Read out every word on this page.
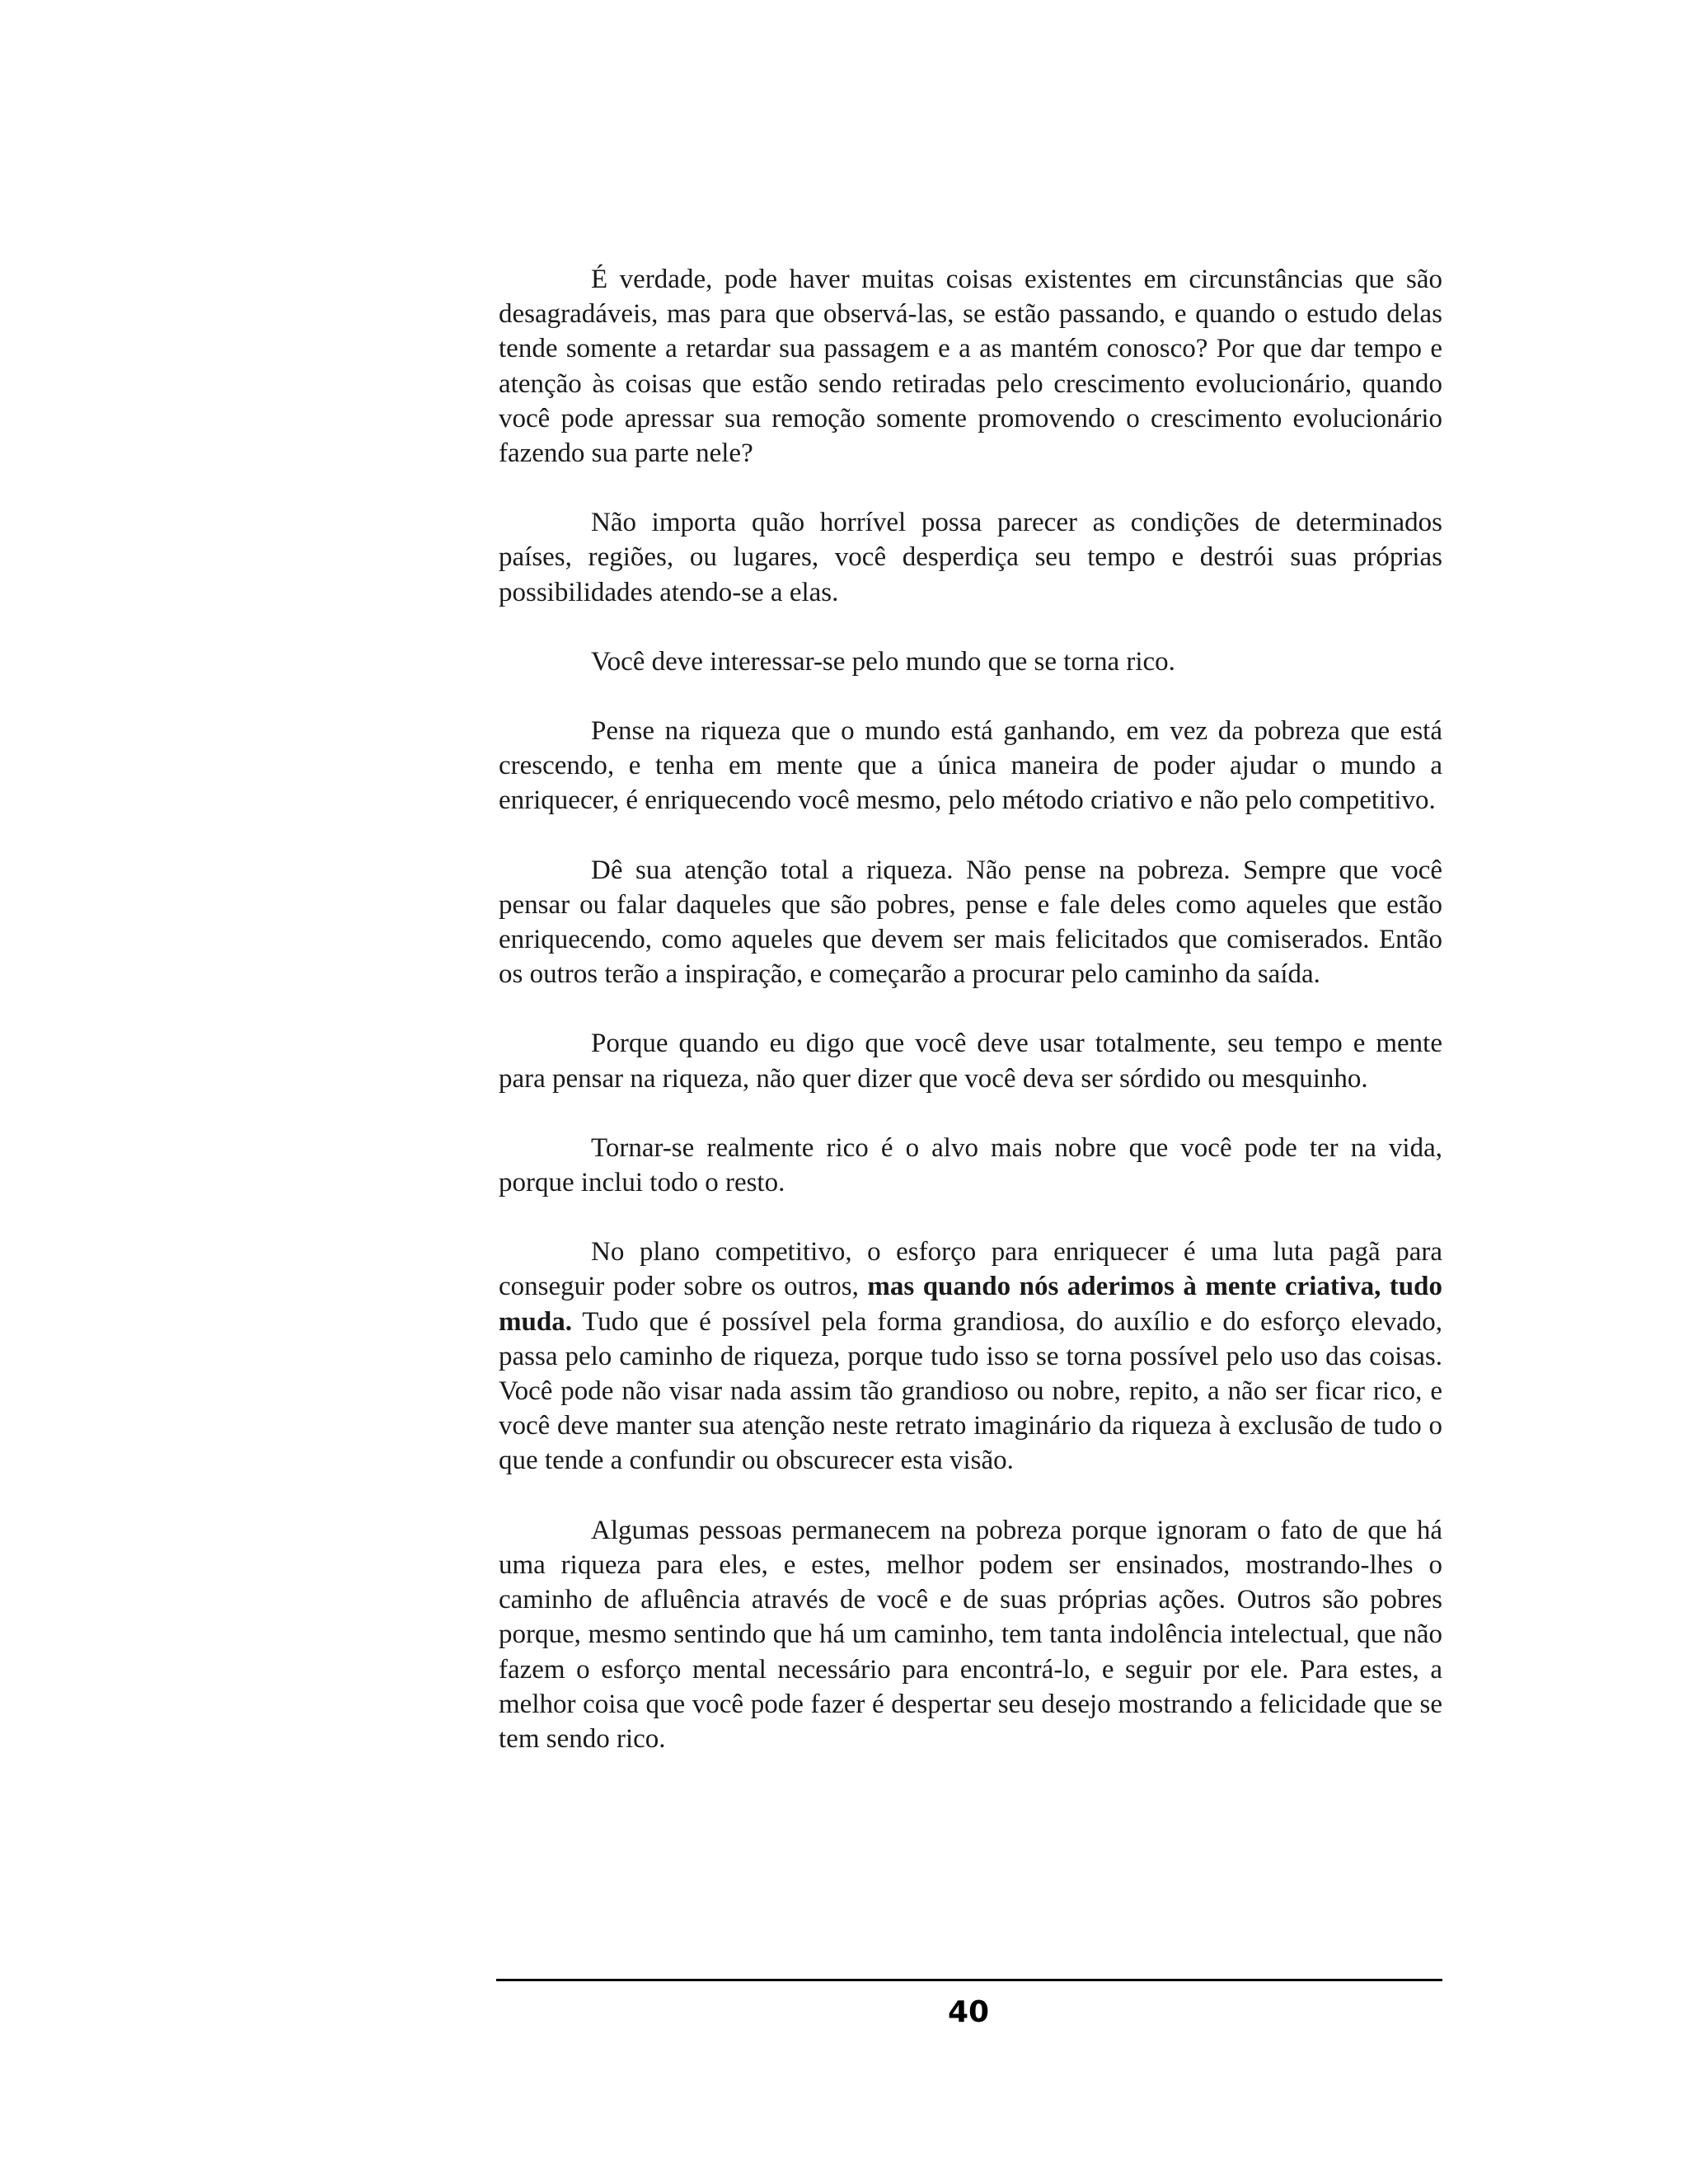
É verdade, pode haver muitas coisas existentes em circunstâncias que são desagradáveis, mas para que observá-las, se estão passando, e quando o estudo delas tende somente a retardar sua passagem e a as mantém conosco? Por que dar tempo e atenção às coisas que estão sendo retiradas pelo crescimento evolucionário, quando você pode apressar sua remoção somente promovendo o crescimento evolucionário fazendo sua parte nele?

Não importa quão horrível possa parecer as condições de determinados países, regiões, ou lugares, você desperdiça seu tempo e destrói suas próprias possibilidades atendo-se a elas.

Você deve interessar-se pelo mundo que se torna rico.

Pense na riqueza que o mundo está ganhando, em vez da pobreza que está crescendo, e tenha em mente que a única maneira de poder ajudar o mundo a enriquecer, é enriquecendo você mesmo, pelo método criativo e não pelo competitivo.

Dê sua atenção total a riqueza. Não pense na pobreza. Sempre que você pensar ou falar daqueles que são pobres, pense e fale deles como aqueles que estão enriquecendo, como aqueles que devem ser mais felicitados que comiserados. Então os outros terão a inspiração, e começarão a procurar pelo caminho da saída.

Porque quando eu digo que você deve usar totalmente, seu tempo e mente para pensar na riqueza, não quer dizer que você deva ser sórdido ou mesquinho.

Tornar-se realmente rico é o alvo mais nobre que você pode ter na vida, porque inclui todo o resto.

No plano competitivo, o esforço para enriquecer é uma luta pagã para conseguir poder sobre os outros, mas quando nós aderimos à mente criativa, tudo muda. Tudo que é possível pela forma grandiosa, do auxílio e do esforço elevado, passa pelo caminho de riqueza, porque tudo isso se torna possível pelo uso das coisas. Você pode não visar nada assim tão grandioso ou nobre, repito, a não ser ficar rico, e você deve manter sua atenção neste retrato imaginário da riqueza à exclusão de tudo o que tende a confundir ou obscurecer esta visão.

Algumas pessoas permanecem na pobreza porque ignoram o fato de que há uma riqueza para eles, e estes, melhor podem ser ensinados, mostrando-lhes o caminho de afluência através de você e de suas próprias ações. Outros são pobres porque, mesmo sentindo que há um caminho, tem tanta indolência intelectual, que não fazem o esforço mental necessário para encontrá-lo, e seguir por ele. Para estes, a melhor coisa que você pode fazer é despertar seu desejo mostrando a felicidade que se tem sendo rico.

40
